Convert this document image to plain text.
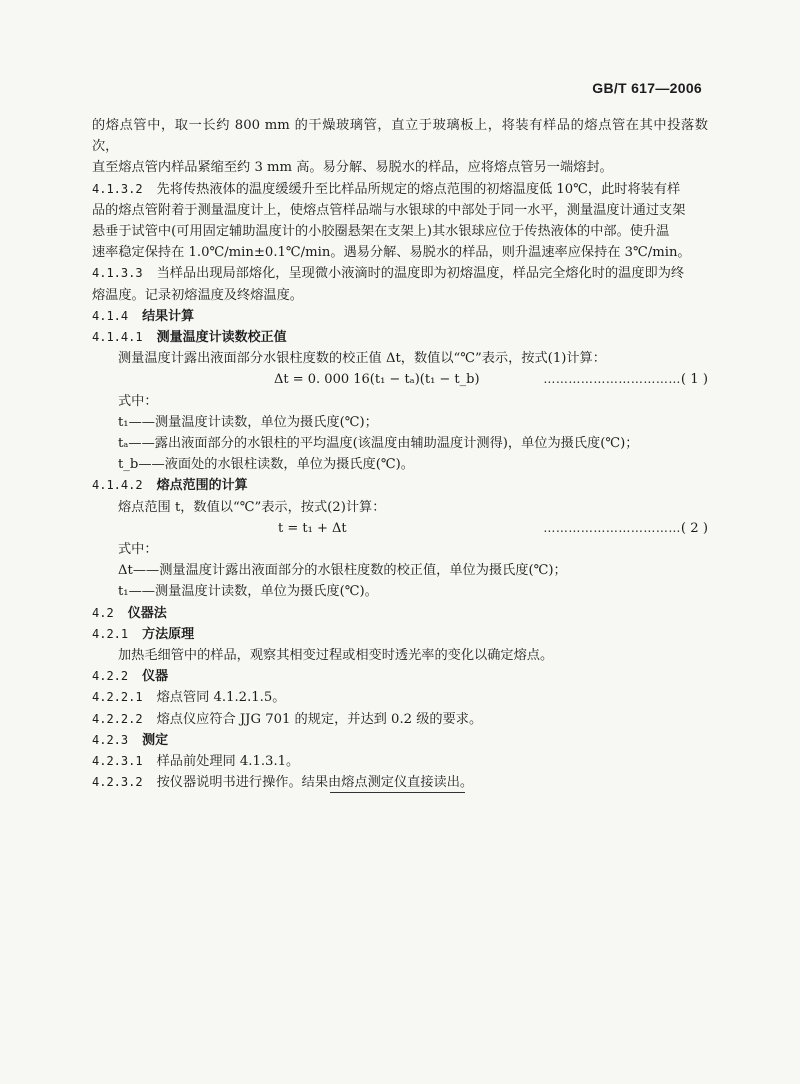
GB/T 617—2006

的熔点管中，取一长约 800 mm 的干燥玻璃管，直立于玻璃板上，将装有样品的熔点管在其中投落数次，

直至熔点管内样品紧缩至约 3 mm 高。易分解、易脱水的样品，应将熔点管另一端熔封。

4.1.3.2 先将传热液体的温度缓缓升至比样品所规定的熔点范围的初熔温度低 10℃，此时将装有样

品的熔点管附着于测量温度计上，使熔点管样品端与水银球的中部处于同一水平，测量温度计通过支架

悬垂于试管中(可用固定辅助温度计的小胶圈悬架在支架上)其水银球应位于传热液体的中部。使升温

速率稳定保持在 1.0℃/min±0.1℃/min。遇易分解、易脱水的样品，则升温速率应保持在 3℃/min。

4.1.3.3 当样品出现局部熔化，呈现微小液滴时的温度即为初熔温度，样品完全熔化时的温度即为终

熔温度。记录初熔温度及终熔温度。

4.1.4 结果计算

4.1.4.1 测量温度计读数校正值

测量温度计露出液面部分水银柱度数的校正值 Δt，数值以“℃”表示，按式(1)计算：

Δt = 0. 000 16(t₁ − tₐ)(t₁ − t_b)	…………………………… ( 1 )

式中：

t₁——测量温度计读数，单位为摄氏度(℃)；

tₐ——露出液面部分的水银柱的平均温度(该温度由辅助温度计测得)，单位为摄氏度(℃)；

t_b——液面处的水银柱读数，单位为摄氏度(℃)。

4.1.4.2 熔点范围的计算

熔点范围 t，数值以“℃”表示，按式(2)计算：

t = t₁ + Δt	…………………………… ( 2 )

式中：

Δt——测量温度计露出液面部分的水银柱度数的校正值，单位为摄氏度(℃)；

t₁——测量温度计读数，单位为摄氏度(℃)。

4.2 仪器法

4.2.1 方法原理

加热毛细管中的样品，观察其相变过程或相变时透光率的变化以确定熔点。

4.2.2 仪器

4.2.2.1 熔点管同 4.1.2.1.5。

4.2.2.2 熔点仪应符合 JJG 701 的规定，并达到 0.2 级的要求。

4.2.3 测定

4.2.3.1 样品前处理同 4.1.3.1。

4.2.3.2 按仪器说明书进行操作。结果由熔点测定仪直接读出。
